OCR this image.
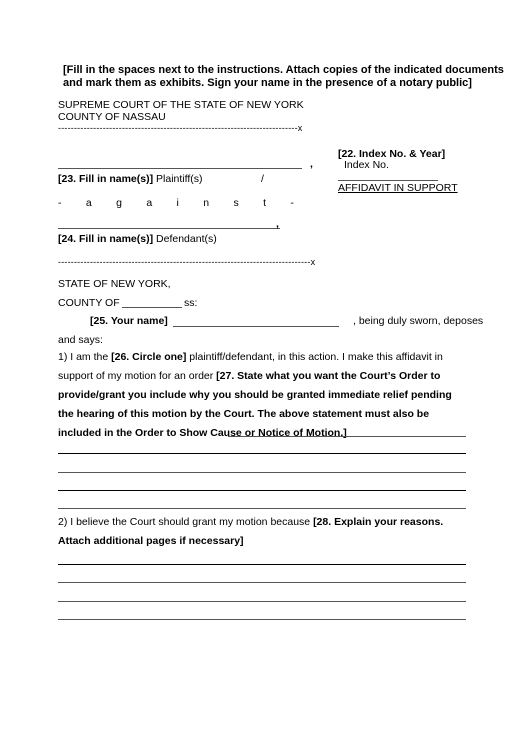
[Fill in the spaces next to the instructions. Attach copies of the indicated documents
and mark them as exhibits. Sign your name in the presence of a notary public]
SUPREME COURT OF THE STATE OF NEW YORK
COUNTY OF NASSAU
---------------------------------------------------------------------------x
,
[23. Fill in name(s)] Plaintiff(s)	/
- a g a i n s t -
,
[24. Fill in name(s)] Defendant(s)
-------------------------------------------------------------------------------x
[22. Index No. & Year]
Index No.
AFFIDAVIT IN SUPPORT
STATE OF NEW YORK,
COUNTY OF	ss:
[25. Your name]	, being duly sworn, deposes
and says:
1) I am the [26. Circle one] plaintiff/defendant, in this action. I make this affidavit in support of my motion for an order [27. State what you want the Court’s Order to provide/grant you include why you should be granted immediate relief pending the hearing of this motion by the Court. The above statement must also be included in the Order to Show Cause or Notice of Motion.]
2) I believe the Court should grant my motion because [28. Explain your reasons. Attach additional pages if necessary]
